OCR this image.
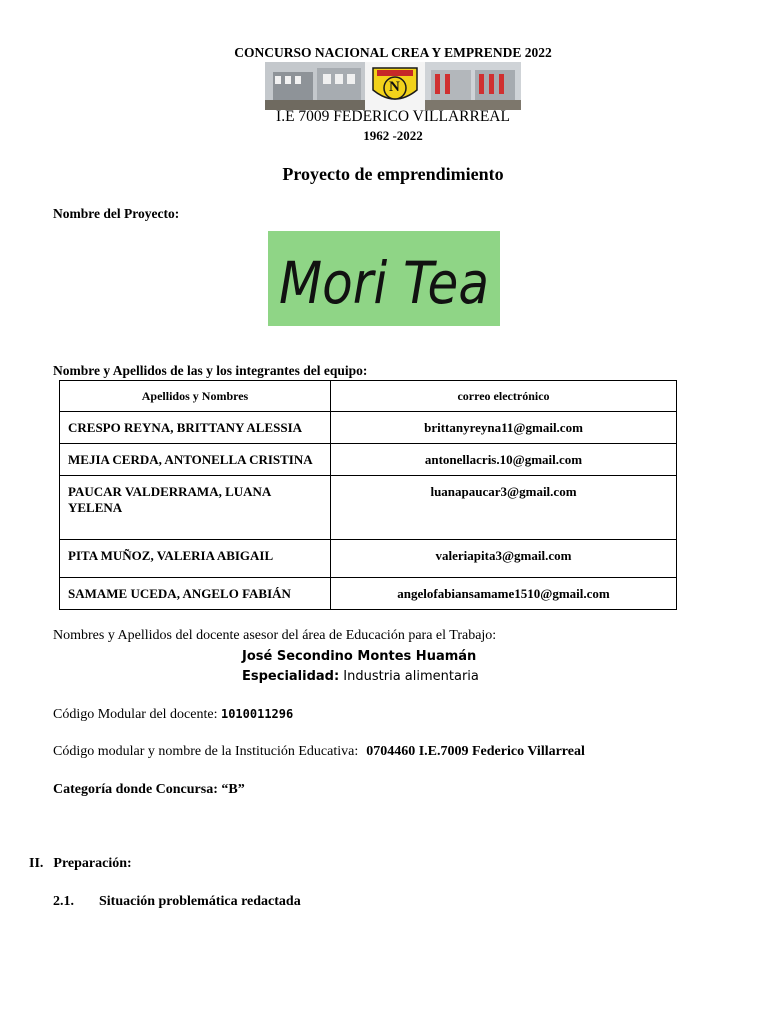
CONCURSO NACIONAL CREA Y EMPRENDE 2022
N
I.E 7009 FEDERICO VILLARREAL
1962 -2022
Proyecto de emprendimiento
Nombre del Proyecto:
Mori Tea
Nombre y Apellidos de las y los integrantes del equipo:
Apellidos y Nombres	correo electrónico
CRESPO REYNA, BRITTANY ALESSIA	brittanyreyna11@gmail.com
MEJIA CERDA, ANTONELLA CRISTINA	antonellacris.10@gmail.com
PAUCAR VALDERRAMA, LUANA YELENA	luanapaucar3@gmail.com
PITA MUÑOZ, VALERIA ABIGAIL	valeriapita3@gmail.com
SAMAME UCEDA, ANGELO FABIÁN	angelofabiansamame1510@gmail.com
Nombres y Apellidos del docente asesor del área de Educación para el Trabajo:
José Secondino Montes Huamán
Especialidad: Industria alimentaria
Código Modular del docente: 1010011296
Código modular y nombre de la Institución Educativa: 0704460 I.E.7009 Federico Villarreal
Categoría donde Concursa: “B”
II. Preparación:
2.1. Situación problemática redactada
